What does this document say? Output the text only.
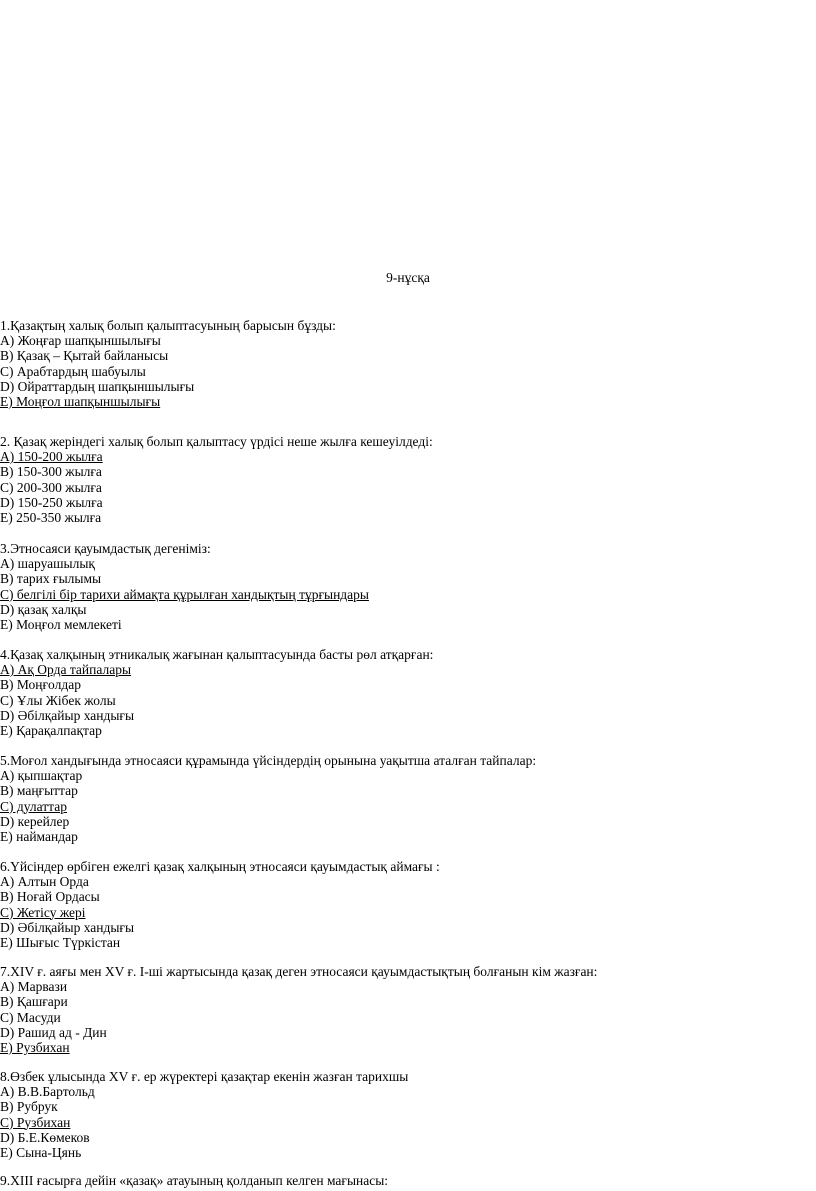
9-нұсқа
1.Қазақтың халық болып қалыптасуының барысын бұзды:
А) Жоңғар шапқыншылығы
В) Қазақ – Қытай байланысы
С) Арабтардың шабуылы
D) Ойраттардың шапқыншылығы
Е) Моңғол шапқыншылығы
2. Қазақ жеріндегі халық болып қалыптасу үрдісі неше жылға кешеуілдеді:
А) 150-200 жылға
В) 150-300 жылға
С) 200-300 жылға
D) 150-250 жылға
Е) 250-350 жылға
3.Этносаяси қауымдастық дегеніміз:
А) шаруашылық
В) тарих ғылымы
С) белгілі бір тарихи аймақта құрылған хандықтың тұрғындары
D) қазақ халқы
Е) Моңғол мемлекеті
4.Қазақ халқының этникалық жағынан қалыптасуында басты рөл атқарған:
А) Ақ Орда тайпалары
В) Моңғолдар
С) Ұлы Жібек жолы
D) Әбілқайыр хандығы
Е) Қарақалпақтар
5.Моғол хандығында этносаяси құрамында үйсіндердің орынына уақытша аталған тайпалар:
А) қыпшақтар
В) маңғыттар
С) дулаттар
D) керейлер
Е) наймандар
6.Үйсіндер өрбіген ежелгі қазақ халқының этносаяси қауымдастық аймағы :
А) Алтын Орда
В) Ноғай Ордасы
С) Жетісу жері
D) Әбілқайыр хандығы
Е) Шығыс Түркістан
7.XIV ғ. аяғы мен XV ғ. І-ші жартысында қазақ деген этносаяси қауымдастықтың болғанын кім жазған:
А) Марвази
В) Қашғари
С) Масуди
D) Рашид ад - Дин
Е) Рузбихан
8.Өзбек ұлысында XV ғ. ер жүректері қазақтар екенін жазған тарихшы
А) В.В.Бартольд
В) Рубрук
С) Рузбихан
D) Б.Е.Көмеков
Е) Сына-Цянь
9.ХІІІ ғасырға дейін «қазақ» атауының қолданып келген мағынасы:
